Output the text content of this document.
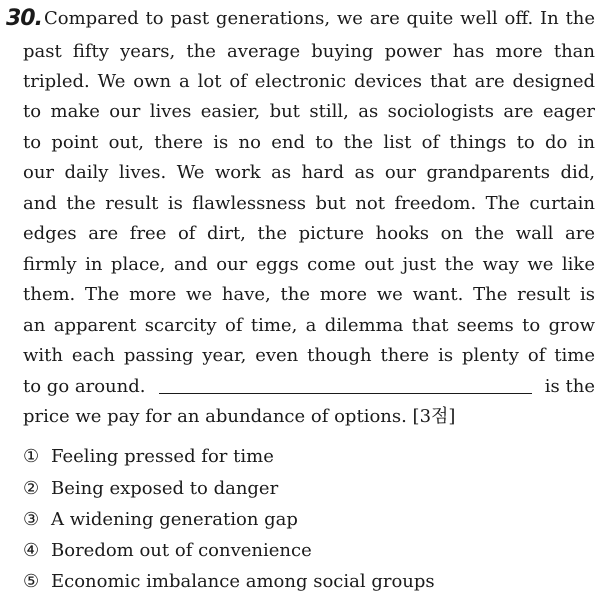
30. Compared to past generations, we are quite well off. In the
past fifty years, the average buying power has more than
tripled. We own a lot of electronic devices that are designed
to make our lives easier, but still, as sociologists are eager
to point out, there is no end to the list of things to do in
our daily lives. We work as hard as our grandparents did,
and the result is flawlessness but not freedom. The curtain
edges are free of dirt, the picture hooks on the wall are
firmly in place, and our eggs come out just the way we like
them. The more we have, the more we want. The result is
an apparent scarcity of time, a dilemma that seems to grow
with each passing year, even though there is plenty of time
to go around.	is the
price we pay for an abundance of options. [3점]
① Feeling pressed for time
② Being exposed to danger
③ A widening generation gap
④ Boredom out of convenience
⑤ Economic imbalance among social groups
